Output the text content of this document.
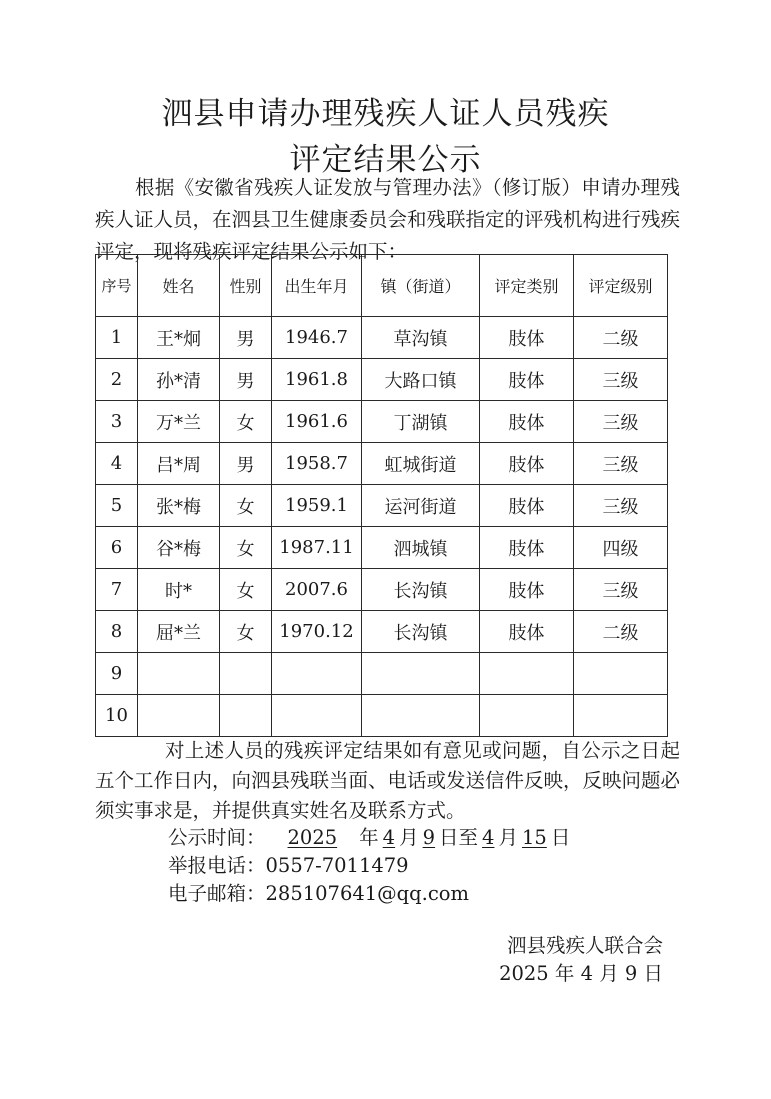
泗县申请办理残疾人证人员残疾
评定结果公示

根据《安徽省残疾人证发放与管理办法》（修订版）申请办理残疾人证人员，在泗县卫生健康委员会和残联指定的评残机构进行残疾评定，现将残疾评定结果公示如下：

序号	姓名	性别	出生年月	镇（街道）	评定类别	评定级别
1	王*炯	男	1946.7	草沟镇	肢体	二级
2	孙*清	男	1961.8	大路口镇	肢体	三级
3	万*兰	女	1961.6	丁湖镇	肢体	三级
4	吕*周	男	1958.7	虹城街道	肢体	三级
5	张*梅	女	1959.1	运河街道	肢体	三级
6	谷*梅	女	1987.11	泗城镇	肢体	四级
7	时*	女	2007.6	长沟镇	肢体	三级
8	屈*兰	女	1970.12	长沟镇	肢体	二级
9						
10						

对上述人员的残疾评定结果如有意见或问题，自公示之日起五个工作日内，向泗县残联当面、电话或发送信件反映，反映问题必须实事求是，并提供真实姓名及联系方式。

公示时间： 2025 年 4 月 9 日至 4 月 15 日

举报电话：0557-7011479

电子邮箱：285107641@qq.com

泗县残疾人联合会

2025 年 4 月 9 日
